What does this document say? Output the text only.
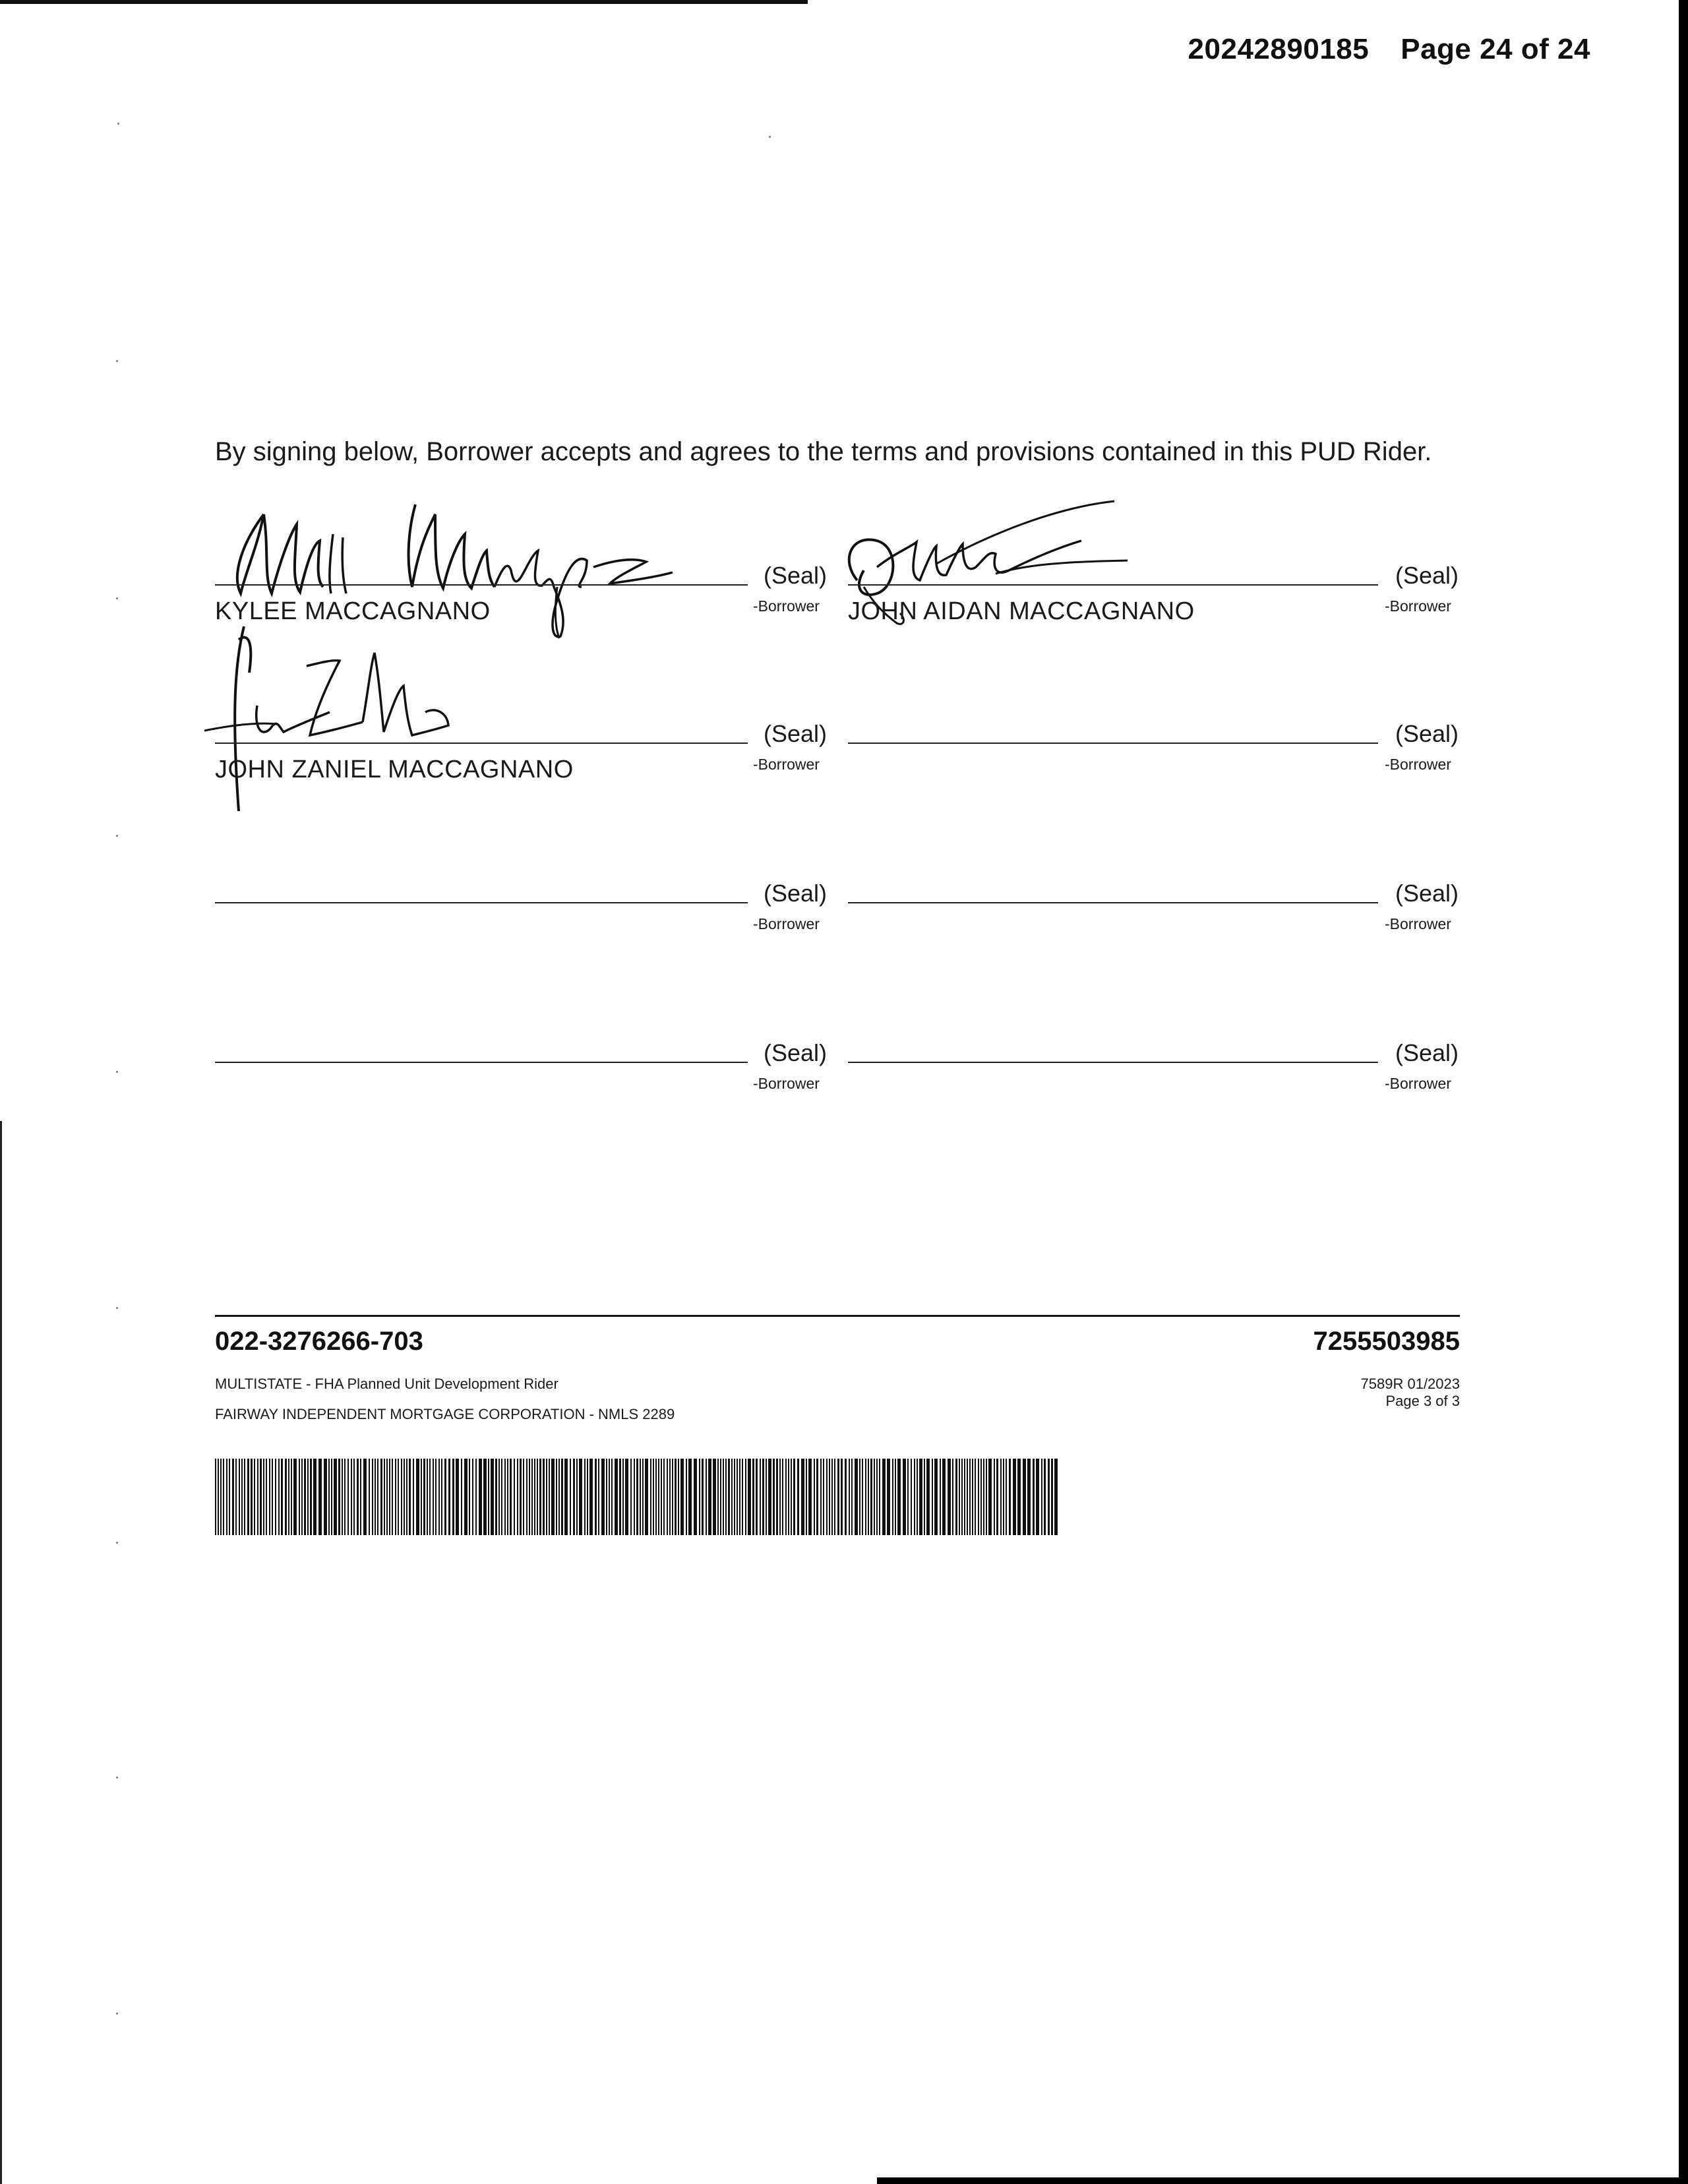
20242890185 Page 24 of 24
By signing below, Borrower accepts and agrees to the terms and provisions contained in this PUD Rider.
(Seal)
-Borrower
KYLEE MACCAGNANO
(Seal)
-Borrower
JOHN AIDAN MACCAGNANO
(Seal)
-Borrower
JOHN ZANIEL MACCAGNANO
(Seal)
-Borrower
(Seal)
-Borrower
(Seal)
-Borrower
(Seal)
-Borrower
(Seal)
-Borrower
022-3276266-703	7255503985
MULTISTATE - FHA Planned Unit Development Rider
FAIRWAY INDEPENDENT MORTGAGE CORPORATION - NMLS 2289
7589R 01/2023
Page 3 of 3
